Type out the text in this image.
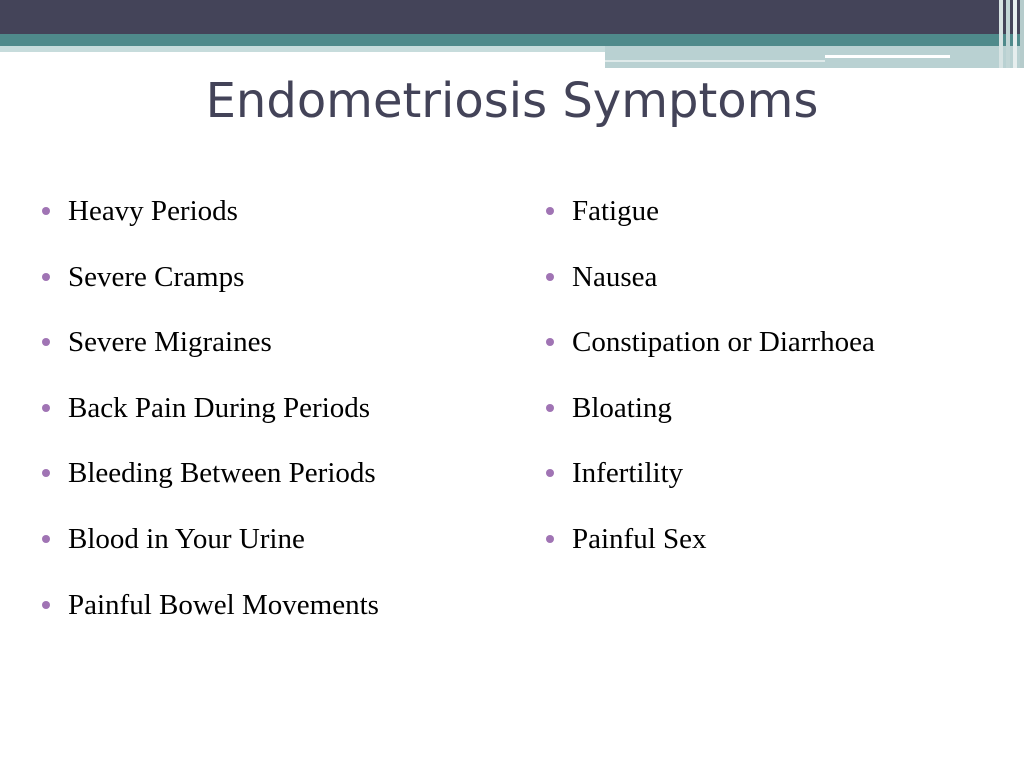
Endometriosis Symptoms
Heavy Periods
Severe Cramps
Severe Migraines
Back Pain During Periods
Bleeding Between Periods
Blood in Your Urine
Painful Bowel Movements
Fatigue
Nausea
Constipation or Diarrhoea
Bloating
Infertility
Painful Sex
